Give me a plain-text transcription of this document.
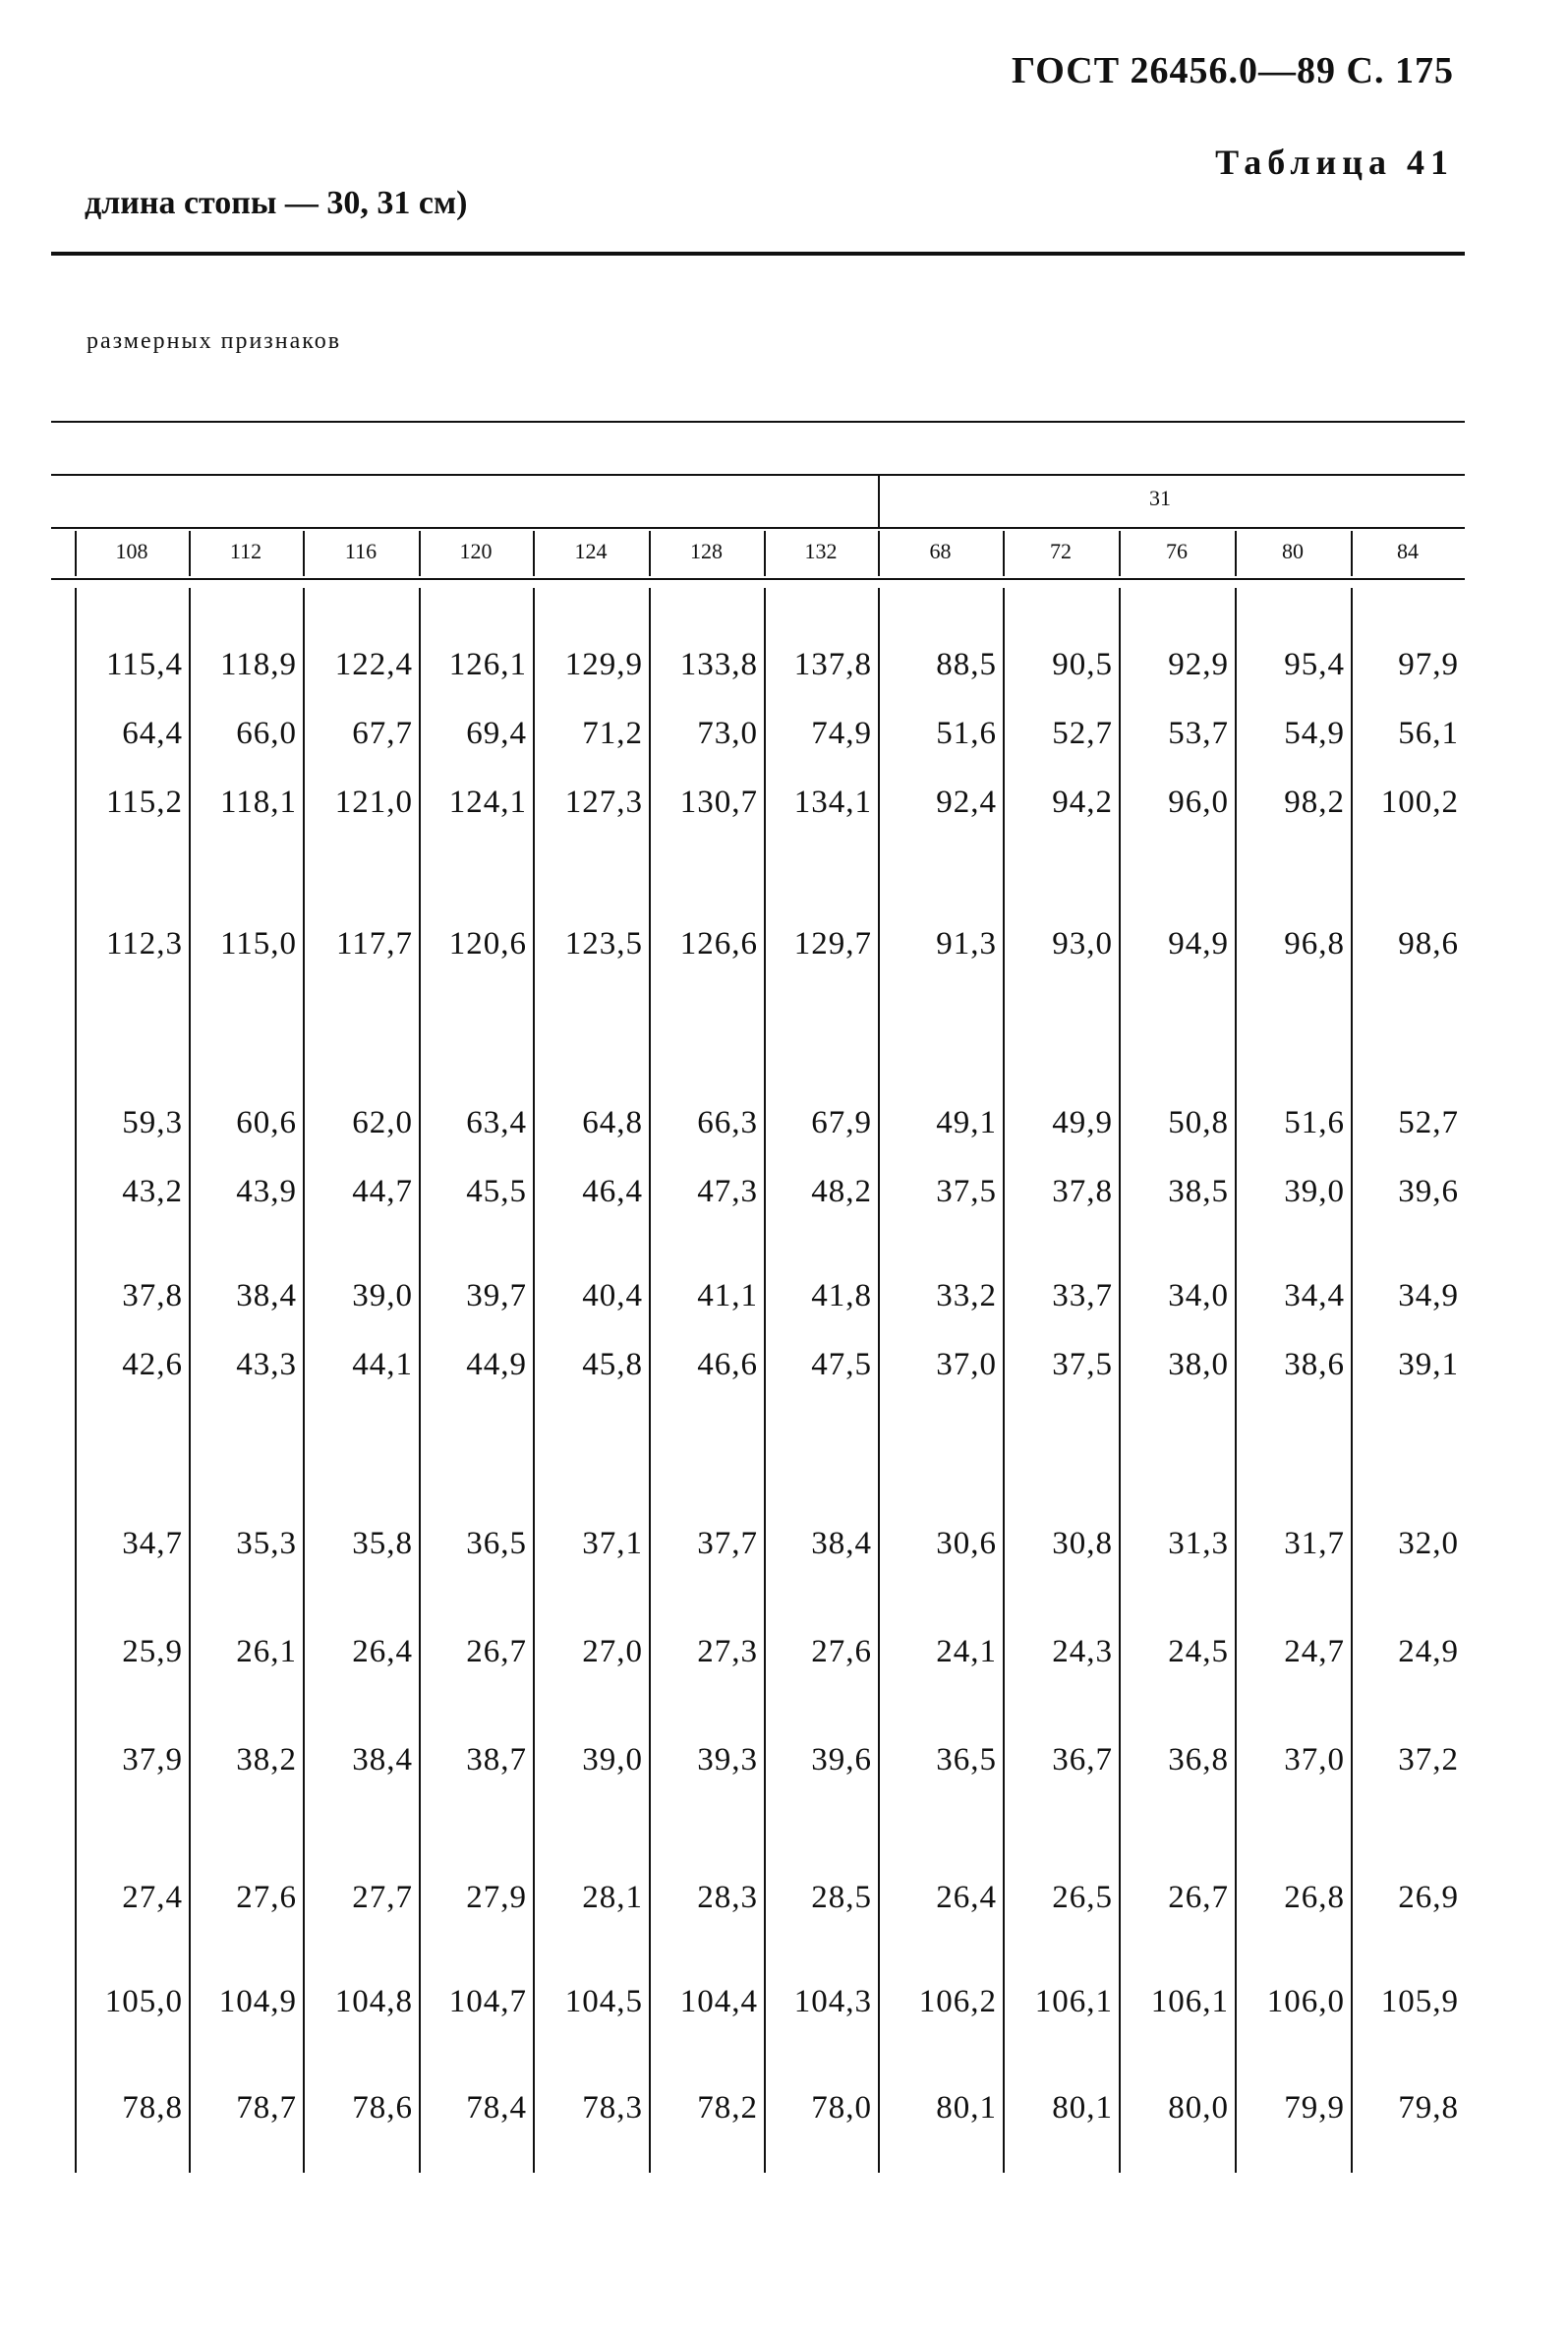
ГОСТ 26456.0—89 С. 175
Таблица 41
длина стопы — 30, 31 см)
размерных признаков
31
108	112	116	120	124	128	132	68	72	76	80	84
115,4	118,9	122,4	126,1	129,9	133,8	137,8	88,5	90,5	92,9	95,4	97,9
64,4	66,0	67,7	69,4	71,2	73,0	74,9	51,6	52,7	53,7	54,9	56,1
115,2	118,1	121,0	124,1	127,3	130,7	134,1	92,4	94,2	96,0	98,2	100,2
112,3	115,0	117,7	120,6	123,5	126,6	129,7	91,3	93,0	94,9	96,8	98,6
59,3	60,6	62,0	63,4	64,8	66,3	67,9	49,1	49,9	50,8	51,6	52,7
43,2	43,9	44,7	45,5	46,4	47,3	48,2	37,5	37,8	38,5	39,0	39,6
37,8	38,4	39,0	39,7	40,4	41,1	41,8	33,2	33,7	34,0	34,4	34,9
42,6	43,3	44,1	44,9	45,8	46,6	47,5	37,0	37,5	38,0	38,6	39,1
34,7	35,3	35,8	36,5	37,1	37,7	38,4	30,6	30,8	31,3	31,7	32,0
25,9	26,1	26,4	26,7	27,0	27,3	27,6	24,1	24,3	24,5	24,7	24,9
37,9	38,2	38,4	38,7	39,0	39,3	39,6	36,5	36,7	36,8	37,0	37,2
27,4	27,6	27,7	27,9	28,1	28,3	28,5	26,4	26,5	26,7	26,8	26,9
105,0	104,9	104,8	104,7	104,5	104,4	104,3	106,2	106,1	106,1	106,0	105,9
78,8	78,7	78,6	78,4	78,3	78,2	78,0	80,1	80,1	80,0	79,9	79,8
